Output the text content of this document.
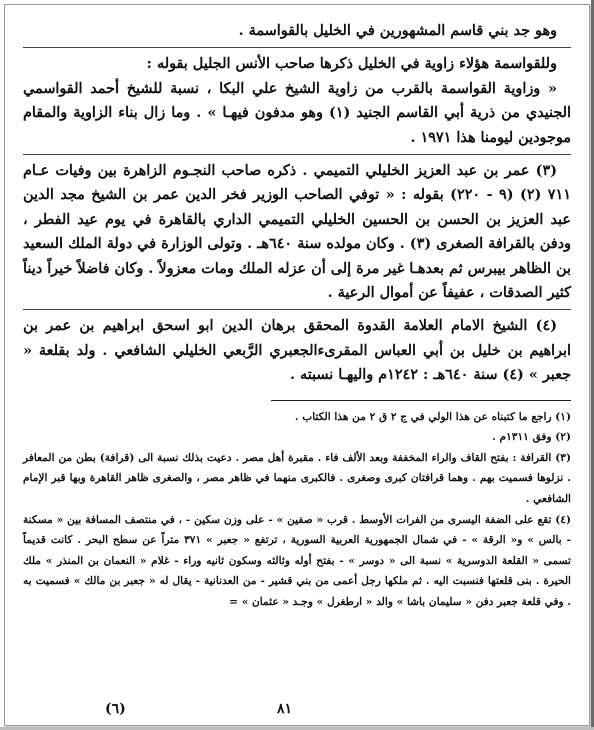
وهو جد بني قاسم المشهورين في الخليل بالقواسمة .

وللقواسمة هؤلاء زاوية في الخليل ذكرها صاحب الأنس الجليل بقوله :

« وزاوية القواسمة بالقرب من زاوية الشيخ علي البكا ، نسبة للشيخ أحمد القواسمي الجنيدي من ذرية أبي القاسم الجنيد (١) وهو مدفون فيهـا » . وما زال بناء الزاوية والمقام موجودين ليومنا هذا ١٩٧١ .

(٣) عمر بن عبد العزيز الخليلي التميمي . ذكره صاحب النجـوم الزاهرة بين وفيات عـام ٧١١ (٢) (٩ - ٢٢٠) بقوله : « توفي الصاحب الوزير فخر الدين عمر بن الشيخ مجد الدين عبد العزيز بن الحسن بن الحسين الخليلي التميمي الداري بالقاهرة في يوم عيد الفطر ، ودفن بالقرافة الصغرى (٣) . وكان مولده سنة ٦٤٠هـ . وتولى الوزارة في دولة الملك السعيد بن الظاهر بيبرس ثم بعدهـا غير مرة إلى أن عزله الملك ومات معزولاً . وكان فاضلاً خيراً ديناً كثير الصدقات ، عفيفاً عن أموال الرعية .

(٤) الشيخ الامام العلامة القدوة المحقق برهان الدين ابو اسحق ابراهيم بن عمر بن ابراهيم بن خليل بن أبي العباس المقرىءالجعبري الرَّبعي الخليلي الشافعي . ولد بقلعة « جعبر » (٤) سنة ٦٤٠هـ : ١٢٤٢م واليهـا نسبته .

(١) راجع ما كتبناه عن هذا الولي في ج ٢ ق ٢ من هذا الكتاب .

(٢) وفق ١٣١١م .

(٣) القرافة : بفتح القاف والراء المخففة وبعد الألف فاء . مقبرة أهل مصر . دعيت بذلك نسبة الى (قرافة) بطن من المعافر . نزلوها فسميت بهم . وهما قرافتان كبرى وصغرى . فالكبرى منهما في ظاهر مصر ، والصغرى ظاهر القاهرة وبها قبر الإمام الشافعي .

(٤) تقع على الضفة اليسرى من الفرات الأوسط . قرب « صفين » - على وزن سكين - ، في منتصف المسافة بين « مسكنة - بالس » و« الرقة » - في شمال الجمهورية العربية السورية ، ترتفع « جعبر » ٣٧١ متراً عن سطح البحر . كانت قديماً تسمى « القلعة الدوسرية » نسبة الى « دوسر » - بفتح أوله وثالثه وسكون ثانيه وراء - غلام « النعمان بن المنذر » ملك الحيرة . بنى قلعتها فنسبت اليه . ثم ملكها رجل أعمى من بني قشير - من العدنانية - يقال له « جعبر بن مالك » فسميت به . وفي قلعة جعبر دفن « سليمان باشا » والد « ارطغرل » وجـد « عثمان » =

(٦)	٨١
